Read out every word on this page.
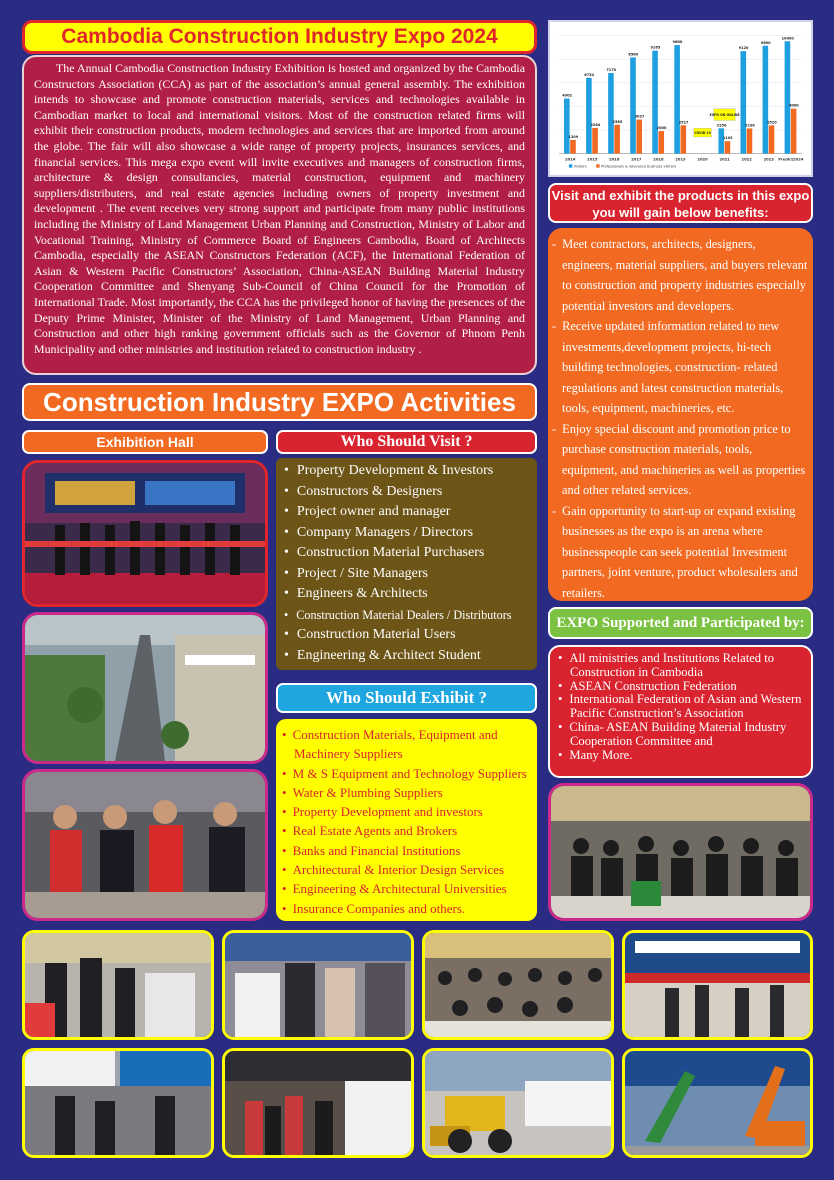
Cambodia Construction Industry Expo 2024

The Annual Cambodia Construction Industry Exhibition is hosted and organized by the Cambodia Constructors Association (CCA) as part of the association’s annual general assembly. The exhibition intends to showcase and promote construction materials, services and technologies available in Cambodian market to local and international visitors. Most of the construction related firms will exhibit their construction products, modern technologies and services that are imported from around the globe. The fair will also showcase a wide range of property projects, insurances services, and financial services. This mega expo event will invite executives and managers of construction firms, architecture & design consultancies, material construction, equipment and machinery suppliers/distributers, and real estate agencies including owners of property investment and development . The event receives very strong support and participate from many public institutions including the Ministry of Land Management Urban Planning and Construction, Ministry of Labor and Vocational Training, Ministry of Commerce Board of Engineers Cambodia, Board of Architects Cambodia, especially the ASEAN Constructors Federation (ACF), the International Federation of Asian & Western Pacific Constructors’ Association, China-ASEAN Building Material Industry Cooperation Committee and Shenyang Sub-Council of China Council for the Promotion of International Trade. Most importantly, the CCA has the privileged honor of having the presences of the Deputy Prime Minister, Minister of the Ministry of Land Management, Urban Planning and Construction and other high ranking government officials such as the Governor of Phnom Penh Municipality and other ministries and institution related to construction industry .

4902
1209
2014
6734
2284
2015
7170
2565
2016
8560
3027
2017
9165
2000
2018
9660
2517
2019	2020
2250
1103
2021
9120
2236
2022
9600
2510
2023
10000
4000
Predict2024
COVID 19
EXPO ON ONLINE
Visitors	Professionals & relevance business visitors
Visit and exhibit the products in this expo
you will gain below benefits:
- Meet contractors, architects, designers, engineers, material suppliers, and buyers relevant to construction and property industries especially potential investors and developers.
- Receive updated information related to new investments,development projects, hi-tech building technologies, construction- related regulations and latest construction materials, tools, equipment, machineries, etc.
- Enjoy special discount and promotion price to purchase construction materials, tools, equipment, and machineries as well as properties and other related services.
- Gain opportunity to start-up or expand existing businesses as the expo is an arena where businesspeople can seek potential Investment partners, joint venture, product wholesalers and retailers.
Construction Industry EXPO Activities
Exhibition Hall	Who Should Visit ?
• Property Development & Investors
• Constructors & Designers
• Project owner and manager
• Company Managers / Directors
• Construction Material Purchasers
• Project / Site Managers
• Engineers & Architects
• Construction Material Dealers / Distributors
• Construction Material Users
• Engineering & Architect Student
Who Should Exhibit ?
• Construction Materials, Equipment and Machinery Suppliers
• M & S Equipment and Technology Suppliers
• Water & Plumbing Suppliers
• Property Development and investors
• Real Estate Agents and Brokers
• Banks and Financial Institutions
• Architectural & Interior Design Services
• Engineering & Architectural Universities
• Insurance Companies and others.
EXPO Supported and Participated by:
• All ministries and Institutions Related to Construction in Cambodia
• ASEAN Construction Federation
• International Federation of Asian and Western Pacific Construction’s Association
• China- ASEAN Building Material Industry Cooperation Committee and
• Many More.
